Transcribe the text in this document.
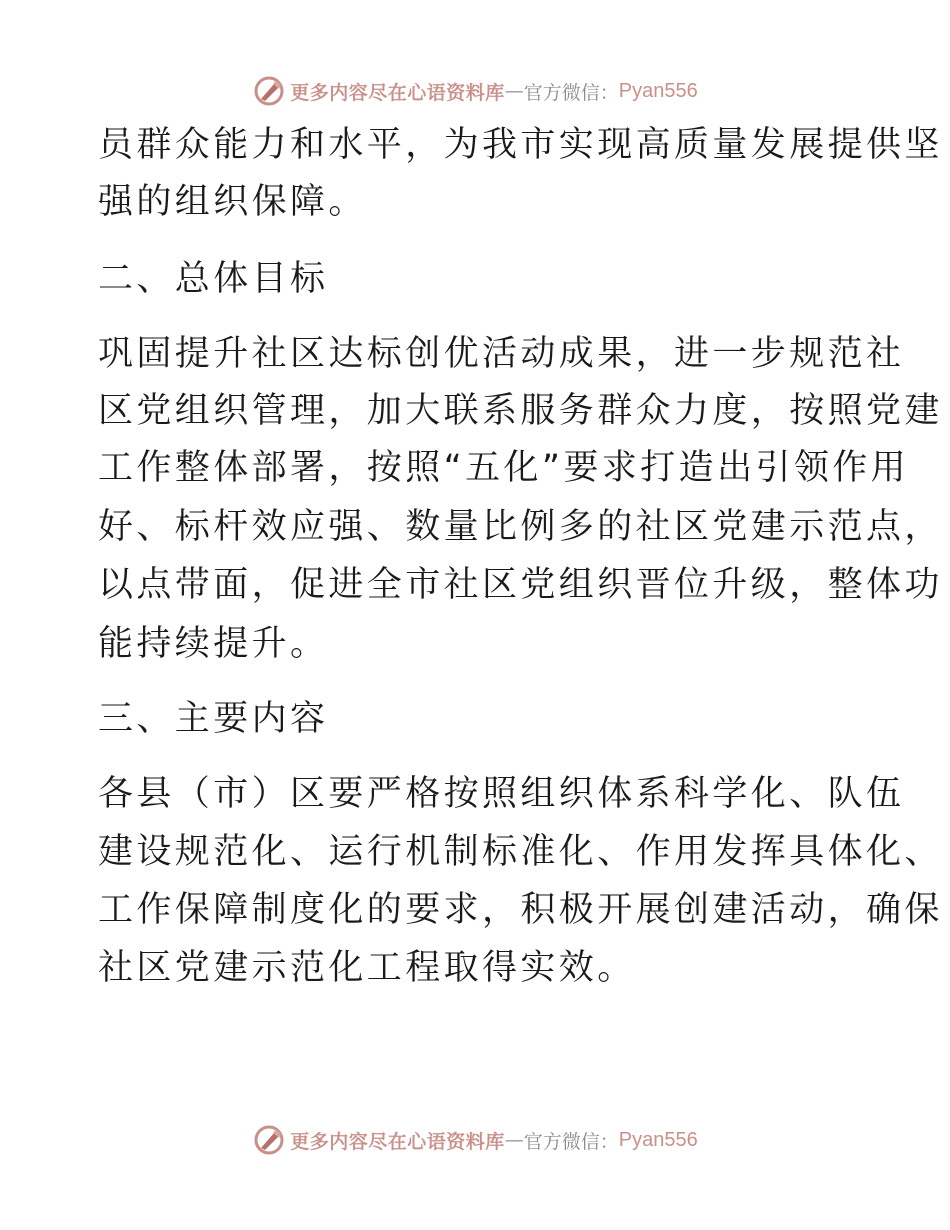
更多内容尽在心语资料库 — 官方微信： Pyan556
员群众能力和水平，为我市实现高质量发展提供坚
强的组织保障。
二、总体目标
巩固提升社区达标创优活动成果，进一步规范社
区党组织管理，加大联系服务群众力度，按照党建
工作整体部署，按照“五化”要求打造出引领作用
好、标杆效应强、数量比例多的社区党建示范点，
以点带面，促进全市社区党组织晋位升级，整体功
能持续提升。
三、主要内容
各县（市）区要严格按照组织体系科学化、队伍
建设规范化、运行机制标准化、作用发挥具体化、
工作保障制度化的要求，积极开展创建活动，确保
社区党建示范化工程取得实效。
更多内容尽在心语资料库 — 官方微信： Pyan556
